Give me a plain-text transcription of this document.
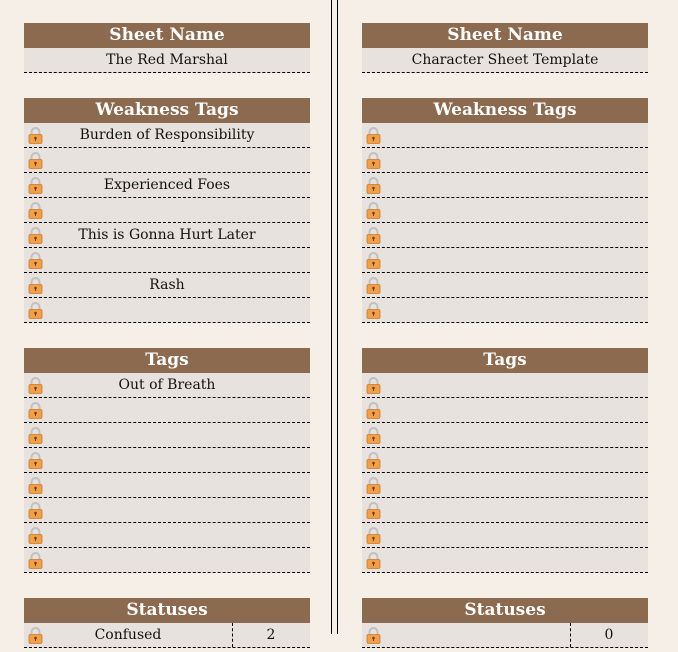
Sheet Name
The Red Marshal
Weakness Tags
Burden of Responsibility
Experienced Foes
This is Gonna Hurt Later
Rash
Tags
Out of Breath
Statuses
Confused	2
Sheet Name
Character Sheet Template
Weakness Tags
Tags
Statuses
0
